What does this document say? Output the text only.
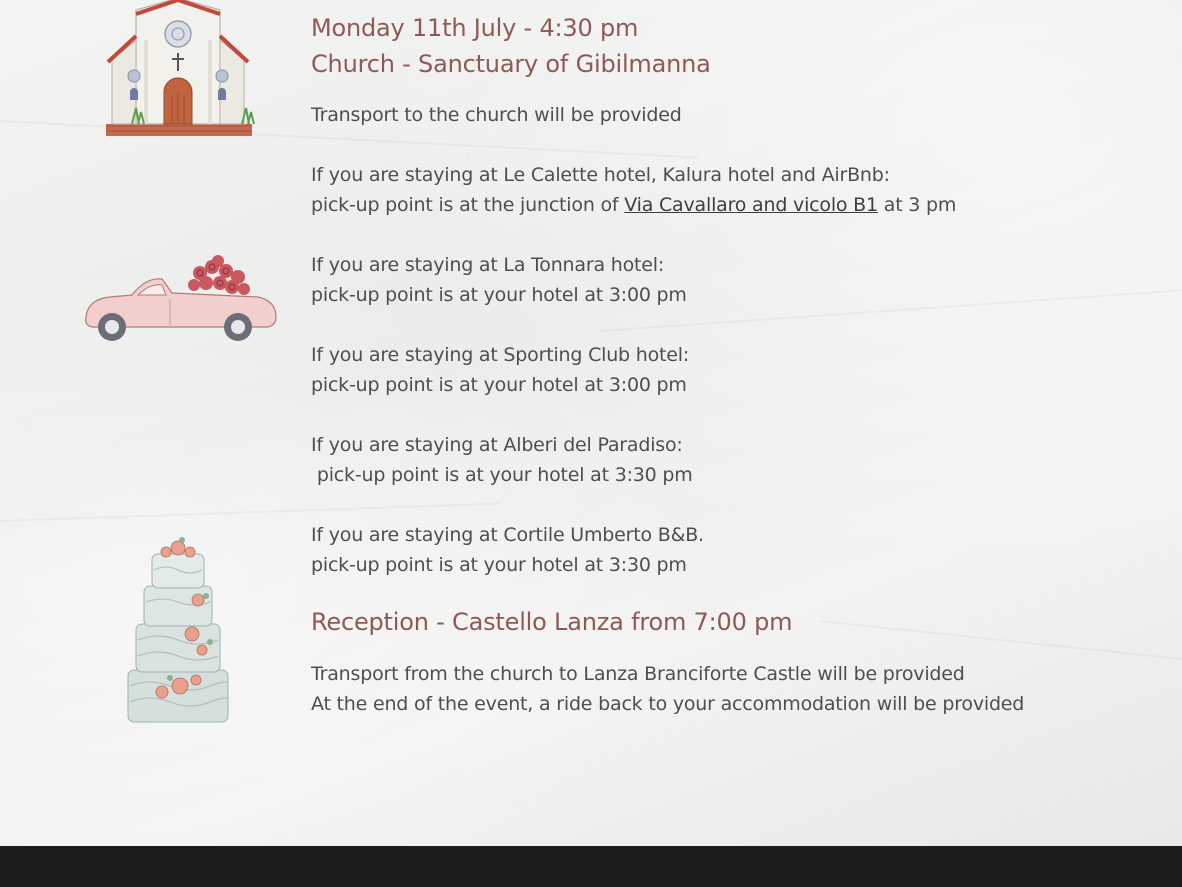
Monday 11th July - 4:30 pm
Church - Sanctuary of Gibilmanna

Transport to the church will be provided

If you are staying at Le Calette hotel, Kalura hotel and AirBnb:

pick-up point is at the junction of Via Cavallaro and vicolo B1 at 3 pm

If you are staying at La Tonnara hotel:

pick-up point is at your hotel at 3:00 pm

If you are staying at Sporting Club hotel:

pick-up point is at your hotel at 3:00 pm

If you are staying at Alberi del Paradiso:

pick-up point is at your hotel at 3:30 pm

If you are staying at Cortile Umberto B&B.

pick-up point is at your hotel at 3:30 pm

Reception - Castello Lanza from 7:00 pm

Transport from the church to Lanza Branciforte Castle will be provided

At the end of the event, a ride back to your accommodation will be provided
